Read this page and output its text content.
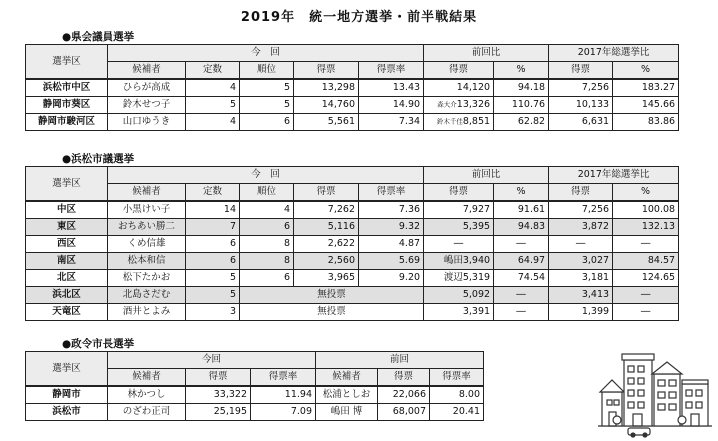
2019年　統一地方選挙・前半戦結果
●県会議員選挙
選挙区	今　回					前回比		2017年総選挙比	
	候補者	定数	順位	得票	得票率	得票	%	得票	%
浜松市中区	ひらが高成	4	5	13,298	13.43	14,120	94.18	7,256	183.27
静岡市葵区	鈴木せつ子	5	5	14,760	14.90	森大介13,326	110.76	10,133	145.66
静岡市駿河区	山口ゆうき	4	6	5,561	7.34	鈴木千佳8,851	62.82	6,631	83.86
●浜松市議選挙
選挙区	今　回					前回比		2017年総選挙比	
	候補者	定数	順位	得票	得票率	得票	%	得票	%
中区	小黒けい子	14	4	7,262	7.36	7,927	91.61	7,256	100.08
東区	おちあい勝二	7	6	5,116	9.32	5,395	94.83	3,872	132.13
西区	くめ信雄	6	8	2,622	4.87	―	―	―	―
南区	松本和信	6	8	2,560	5.69	嶋田3,940	64.97	3,027	84.57
北区	松下たかお	5	6	3,965	9.20	渡辺5,319	74.54	3,181	124.65
浜北区	北島さだむ	5	無投票			5,092	―	3,413	―
天竜区	酒井とよみ	3	無投票			3,391	―	1,399	―
●政令市長選挙
選挙区	今回			前回		
	候補者	得票	得票率	候補者	得票	得票率
静岡市	林かつし	33,322	11.94	松浦としお	22,066	8.00
浜松市	のざわ正司	25,195	7.09	嶋田 博	68,007	20.41
